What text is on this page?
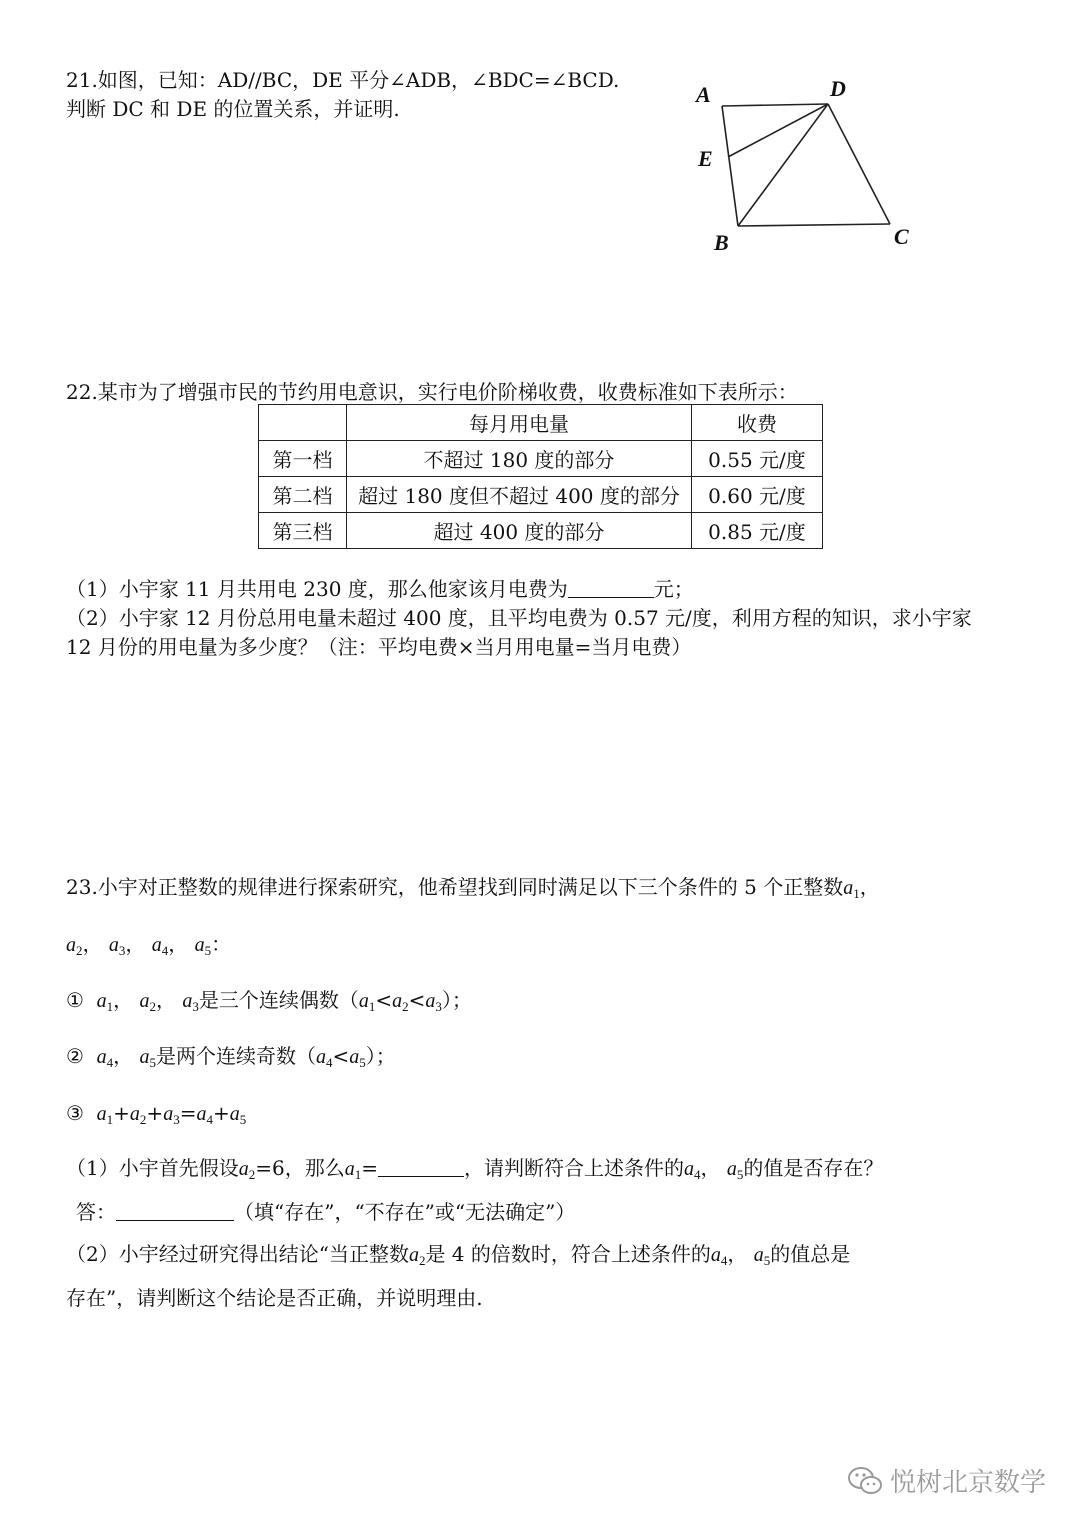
21.如图，已知：AD//BC，DE 平分∠ADB，∠BDC=∠BCD.
判断 DC 和 DE 的位置关系，并证明.
A	D
E
B	C
22.某市为了增强市民的节约用电意识，实行电价阶梯收费，收费标准如下表所示：
	每月用电量	收费
第一档	不超过 180 度的部分	0.55 元/度
第二档	超过 180 度但不超过 400 度的部分	0.60 元/度
第三档	超过 400 度的部分	0.85 元/度
（1）小宇家 11 月共用电 230 度，那么他家该月电费为	元；
（2）小宇家 12 月份总用电量未超过 400 度，且平均电费为 0.57 元/度，利用方程的知识，求小宇家
12 月份的用电量为多少度？（注：平均电费×当月用电量=当月电费）
23.小宇对正整数的规律进行探索研究，他希望找到同时满足以下三个条件的 5 个正整数$a_1$，
$a_2$， $a_3$， $a_4$， $a_5$：
① $a_1$， $a_2$， $a_3$是三个连续偶数$(a_1<a_2<a_3)$；
② $a_4$， $a_5$是两个连续奇数$(a_4<a_5)$；
③ $a_1+a_2+a_3=a_4+a_5$
（1）小宇首先假设$a_2=6$，那么$a_1=$	，请判断符合上述条件的$a_4$， $a_5$的值是否存在？
答：	（填“存在”，“不存在”或“无法确定”）
（2）小宇经过研究得出结论“当正整数$a_2$是 4 的倍数时，符合上述条件的$a_4$， $a_5$的值总是
存在”，请判断这个结论是否正确，并说明理由.
悦树北京数学
